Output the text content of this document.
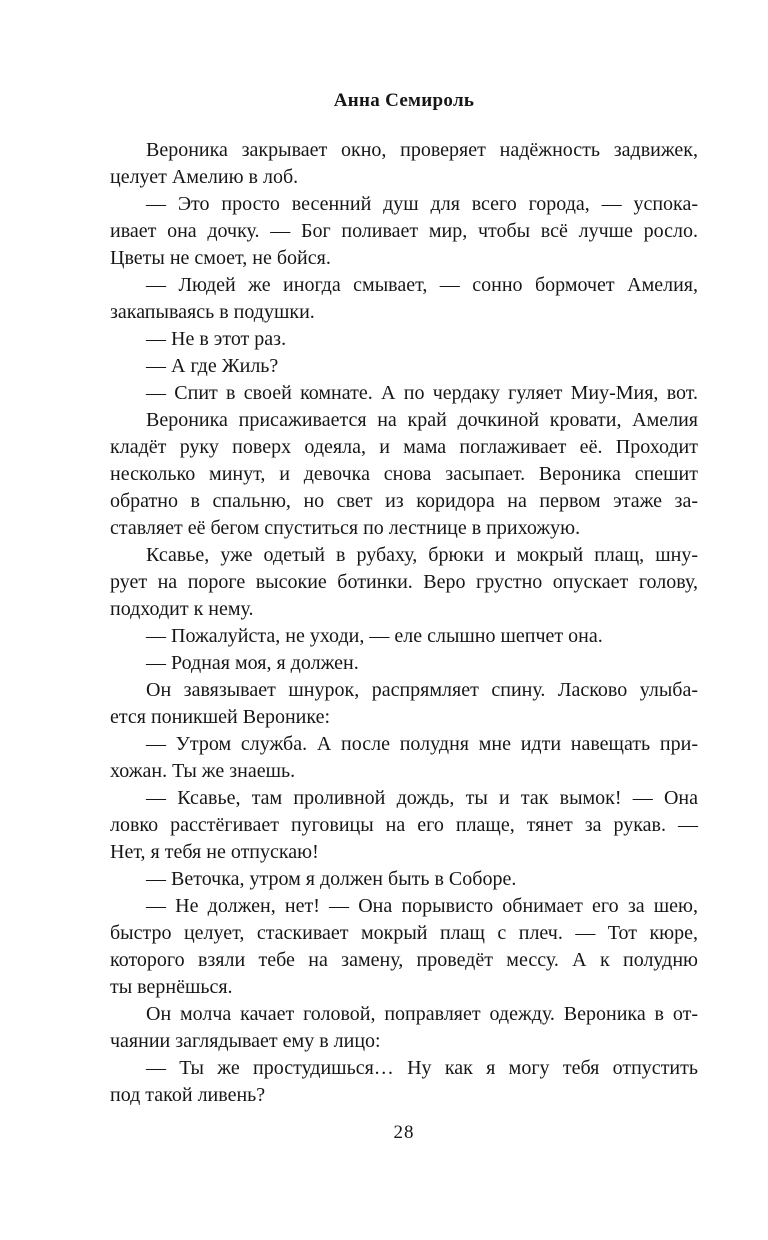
Анна Семироль
Вероника закрывает окно, проверяет надёжность задвижек,
целует Амелию в лоб.
— Это просто весенний душ для всего города, — успока-
ивает она дочку. — Бог поливает мир, чтобы всё лучше росло.
Цветы не смоет, не бойся.
— Людей же иногда смывает, — сонно бормочет Амелия,
закапываясь в подушки.
— Не в этот раз.
— А где Жиль?
— Спит в своей комнате. А по чердаку гуляет Миу-Мия, вот.
Вероника присаживается на край дочкиной кровати, Амелия
кладёт руку поверх одеяла, и мама поглаживает её. Проходит
несколько минут, и девочка снова засыпает. Вероника спешит
обратно в спальню, но свет из коридора на первом этаже за-
ставляет её бегом спуститься по лестнице в прихожую.
Ксавье, уже одетый в рубаху, брюки и мокрый плащ, шну-
рует на пороге высокие ботинки. Веро грустно опускает голову,
подходит к нему.
— Пожалуйста, не уходи, — еле слышно шепчет она.
— Родная моя, я должен.
Он завязывает шнурок, распрямляет спину. Ласково улыба-
ется поникшей Веронике:
— Утром служба. А после полудня мне идти навещать при-
хожан. Ты же знаешь.
— Ксавье, там проливной дождь, ты и так вымок! — Она
ловко расстёгивает пуговицы на его плаще, тянет за рукав. —
Нет, я тебя не отпускаю!
— Веточка, утром я должен быть в Соборе.
— Не должен, нет! — Она порывисто обнимает его за шею,
быстро целует, стаскивает мокрый плащ с плеч. — Тот кюре,
которого взяли тебе на замену, проведёт мессу. А к полудню
ты вернёшься.
Он молча качает головой, поправляет одежду. Вероника в от-
чаянии заглядывает ему в лицо:
— Ты же простудишься… Ну как я могу тебя отпустить
под такой ливень?
28
